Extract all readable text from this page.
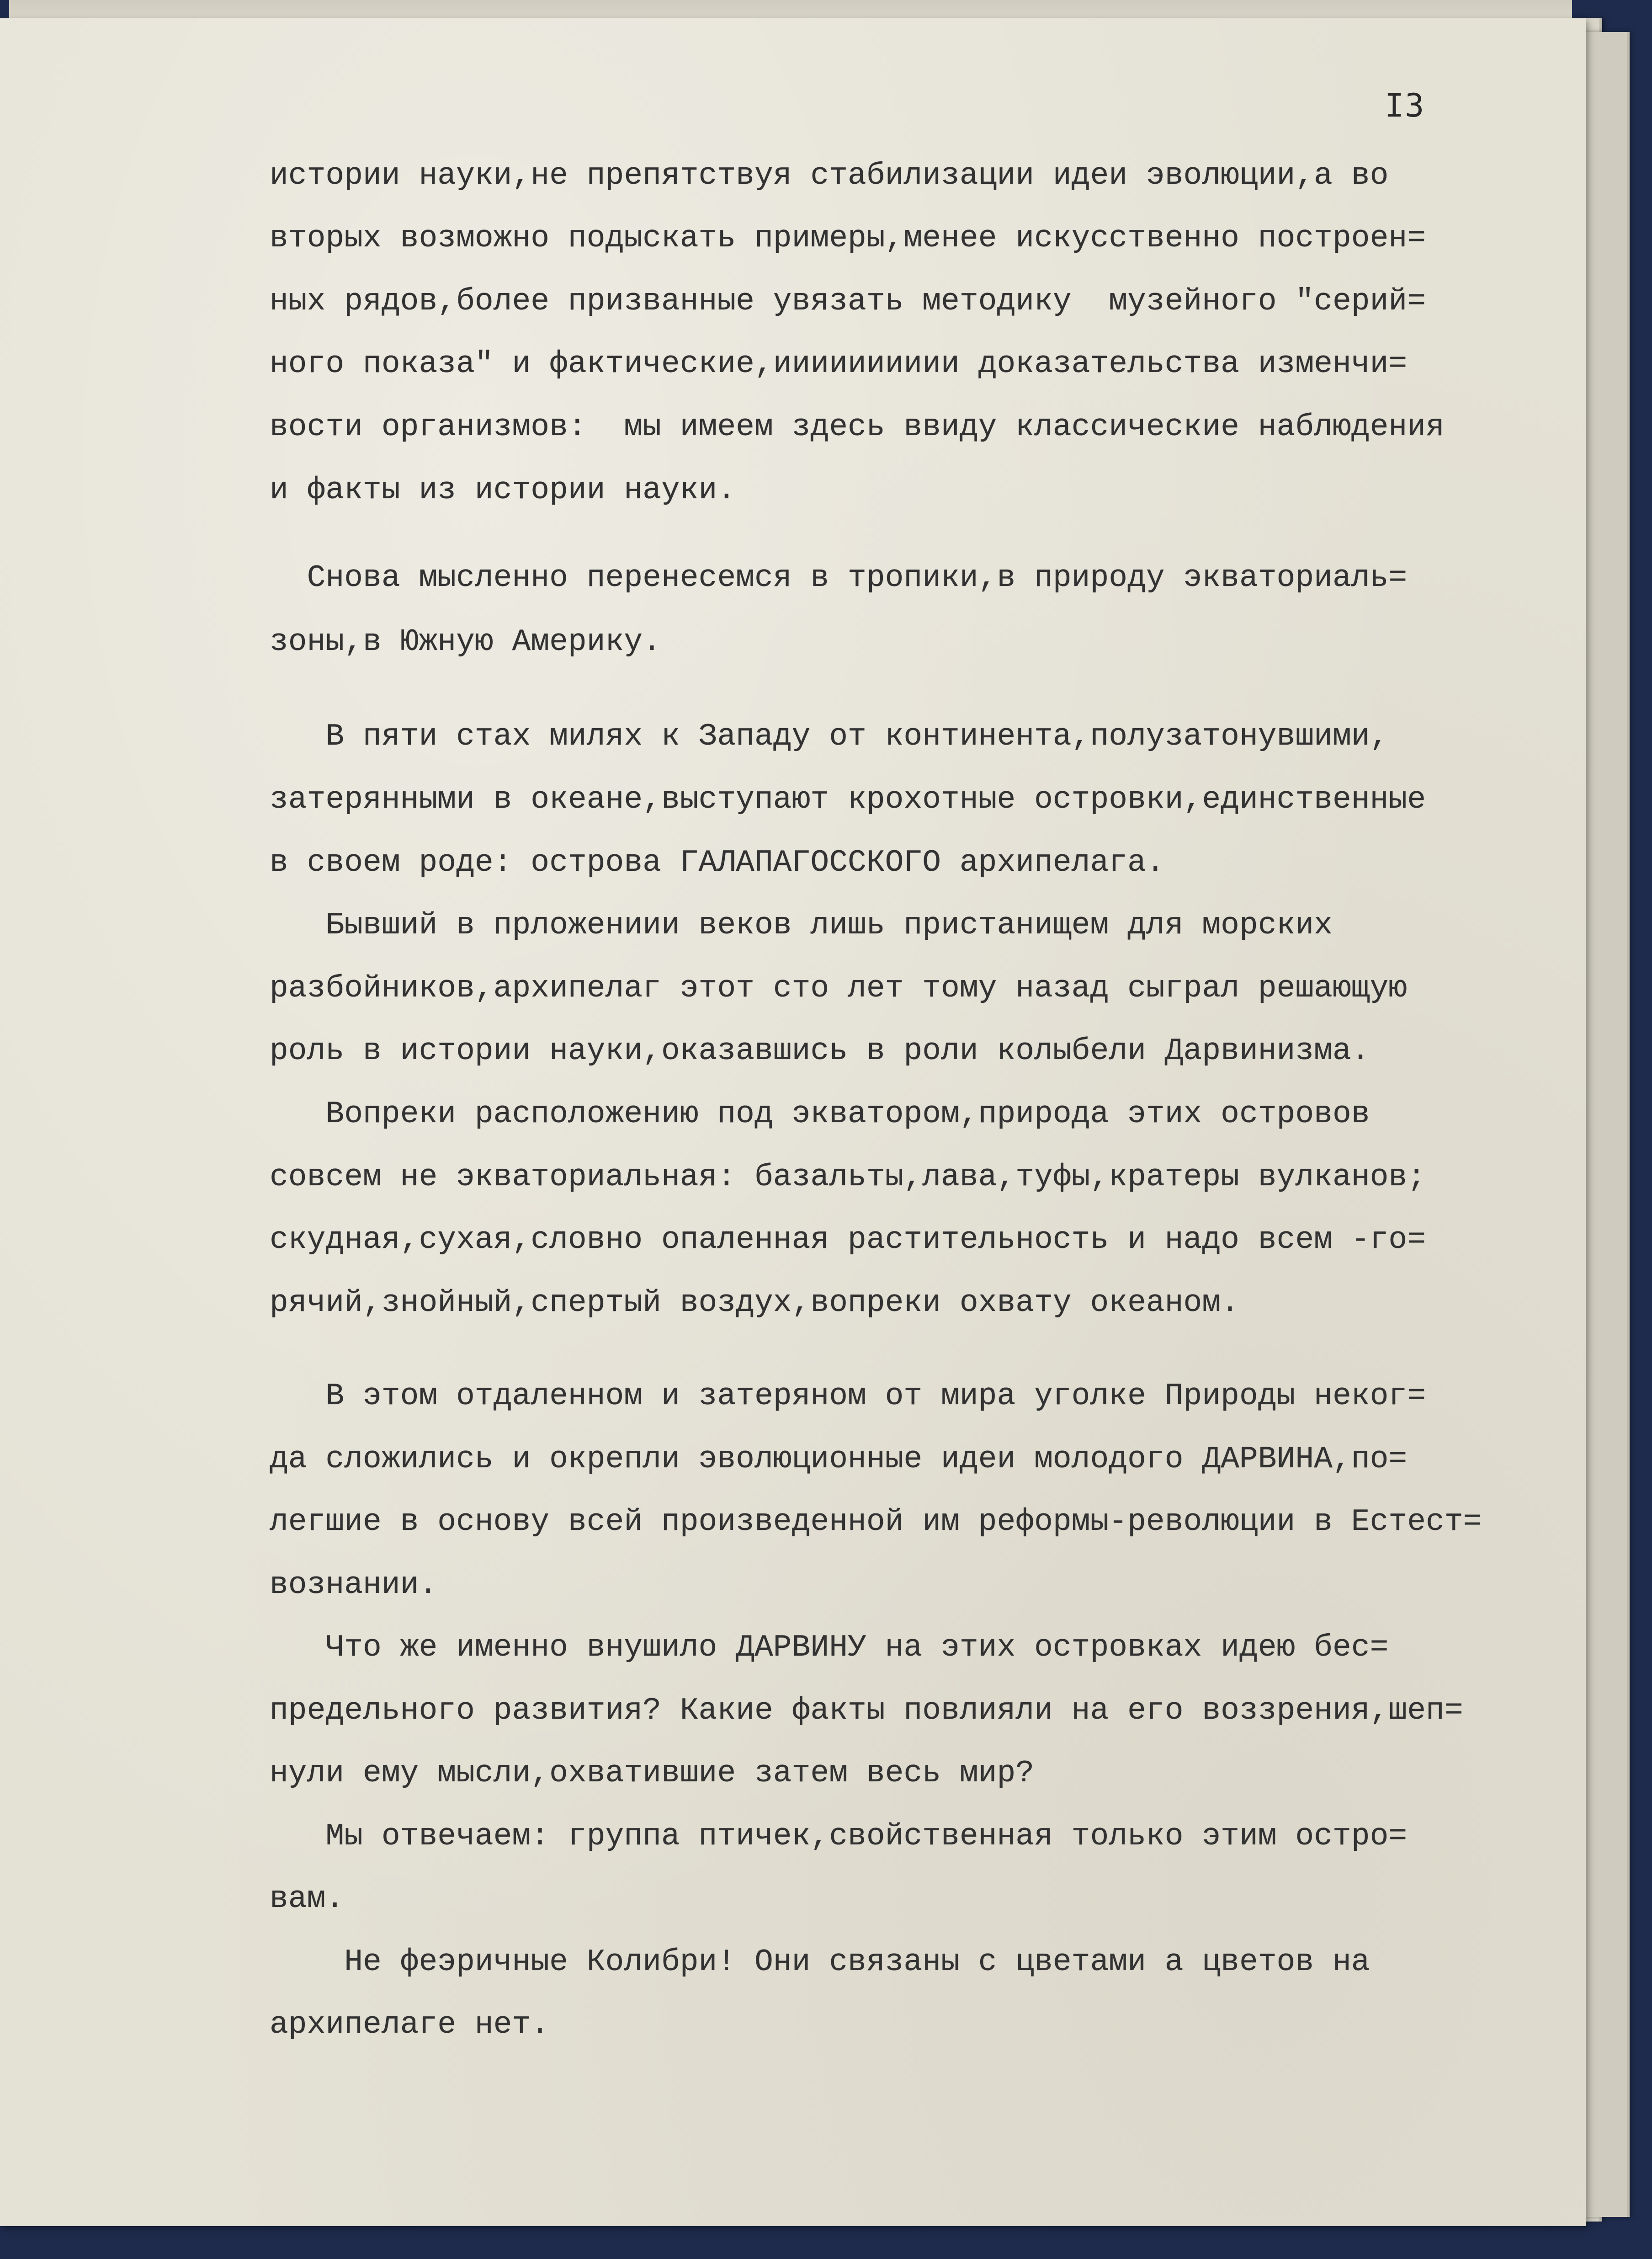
I3
истории науки,не препятствуя стабилизации идеи эволюции,а во
вторых возможно подыскать примеры,менее искусственно построен=
ных рядов,более призванные увязать методику  музейного "серий=
ного показа" и фактические,ииииииииии доказательства изменчи=
вости организмов:  мы имеем здесь ввиду классические наблюдения
и факты из истории науки.
Снова мысленно перенесемся в тропики,в природу экваториаль=
зоны,в Южную Америку.
В пяти стах милях к Западу от континента,полузатонувшими,
затерянными в океане,выступают крохотные островки,единственные
в своем роде: острова ГАЛАПАГОССКОГО архипелага.
Бывший в прложениии веков лишь пристанищем для морских
разбойников,архипелаг этот сто лет тому назад сыграл решающую
роль в истории науки,оказавшись в роли колыбели Дарвинизма.
Вопреки расположению под экватором,природа этих островов
совсем не экваториальная: базальты,лава,туфы,кратеры вулканов;
скудная,сухая,словно опаленная растительность и надо всем -го=
рячий,знойный,спертый воздух,вопреки охвату океаном.
В этом отдаленном и затеряном от мира уголке Природы неког=
да сложились и окрепли эволюционные идеи молодого ДАРВИНА,по=
легшие в основу всей произведенной им реформы-революции в Естест=
вознании.
Что же именно внушило ДАРВИНУ на этих островках идею бес=
предельного развития? Какие факты повлияли на его воззрения,шеп=
нули ему мысли,охватившие затем весь мир?
Мы отвечаем: группа птичек,свойственная только этим остро=
вам.
Не феэричные Колибри! Они связаны с цветами а цветов на
архипелаге нет.
